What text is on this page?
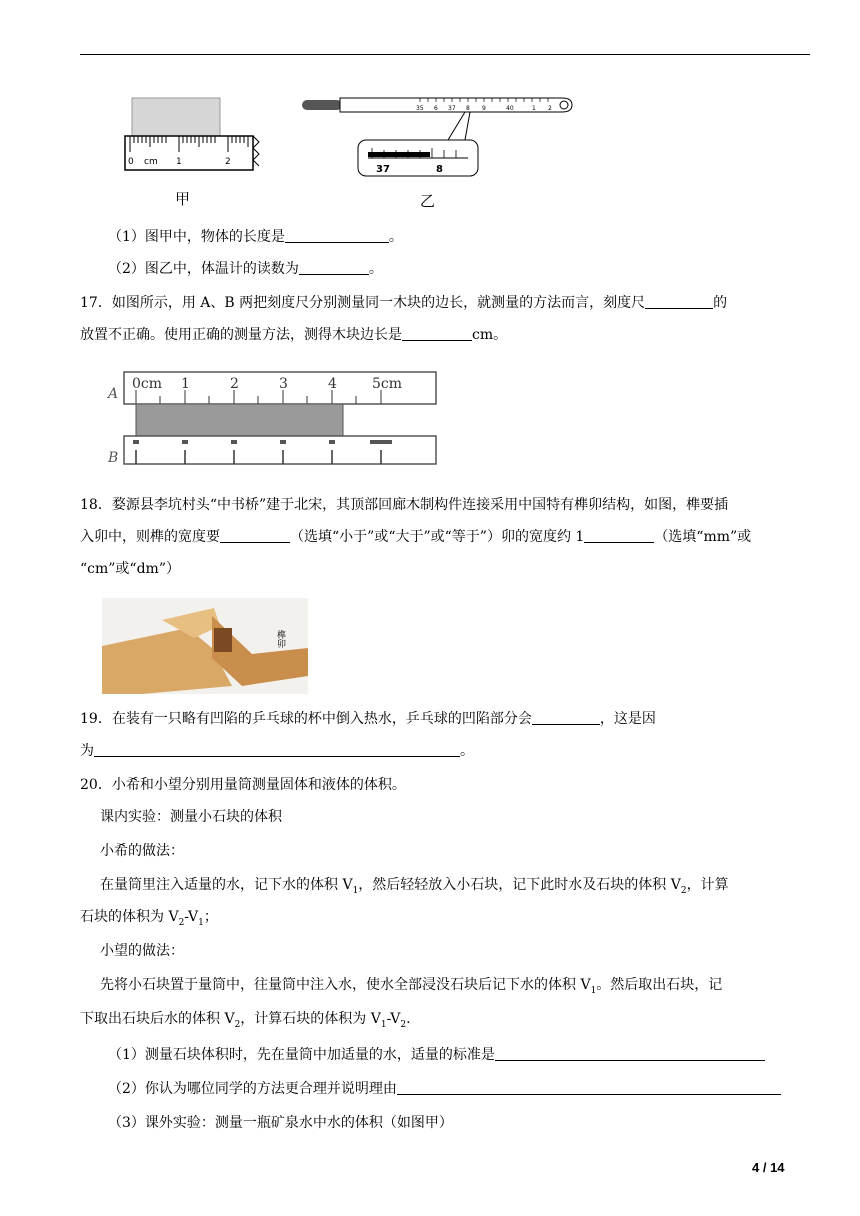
0 cm 1	2
甲
35 6 37 8 9	40	1 2
37	8
乙
（1）图甲中，物体的长度是	。
（2）图乙中，体温计的读数为	。
17．如图所示，用 A、B 两把刻度尺分别测量同一木块的边长，就测量的方法而言，刻度尺	的
放置不正确。使用正确的测量方法，测得木块边长是	cm。
A
B
0cm 1	2	3	4	5cm
18．婺源县李坑村头“中书桥”建于北宋，其顶部回廊木制构件连接采用中国特有榫卯结构，如图，榫要插
入卯中，则榫的宽度要	（选填“小于”或“大于”或“等于”）卯的宽度约 1	（选填“mm”或
“cm”或“dm”）
榫卯
19．在装有一只略有凹陷的乒乓球的杯中倒入热水，乒乓球的凹陷部分会	，这是因
为	。
20．小希和小望分别用量筒测量固体和液体的体积。
课内实验：测量小石块的体积
小希的做法：
在量筒里注入适量的水，记下水的体积 $V_1$，然后轻轻放入小石块，记下此时水及石块的体积 $V_2$，计算
石块的体积为 $V_2-V_1$；
小望的做法：
先将小石块置于量筒中，往量筒中注入水，使水全部浸没石块后记下水的体积 $V_1$。然后取出石块，记
下取出石块后水的体积 $V_2$，计算石块的体积为 $V_1-V_2$.
（1）测量石块体积时，先在量筒中加适量的水，适量的标准是
（2）你认为哪位同学的方法更合理并说明理由
（3）课外实验：测量一瓶矿泉水中水的体积（如图甲）
4 / 14
